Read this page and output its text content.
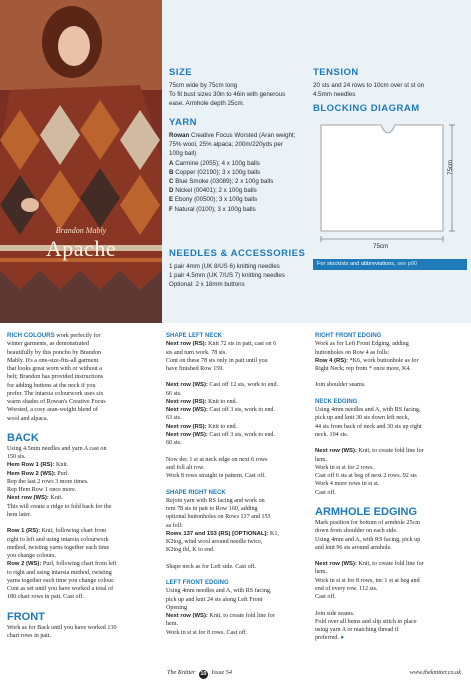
Brandon Mably
Apache
SIZE
75cm wide by 75cm long
To fit bust sizes 30in to 46in with generous
ease. Armhole depth 25cm.
YARN
Rowan Creative Focus Worsted (Aran weight;
75% wool, 25% alpaca; 200m/220yds per
100g ball)
A Carmine (2055); 4 x 100g balls
B Copper (02190); 3 x 100g balls
C Blue Smoke (03089); 2 x 100g balls
D Nickel (00401); 2 x 100g balls
E Ebony (00500); 3 x 100g balls
F Natural (0100); 3 x 100g balls
NEEDLES & ACCESSORIES
1 pair 4mm (UK 8/US 6) knitting needles
1 pair 4.5mm (UK 7/US 7) knitting needles
Optional: 2 x 18mm buttons
TENSION
20 sts and 24 rows to 10cm over st st on
4.5mm needles
BLOCKING DIAGRAM
75cm
75cm
For stockists and abbreviations, see p90

RICH COLOURS work perfectly for
winter garments, as demonstrated
beautifully by this poncho by Brandon
Mably. It's a one-size-fits-all garment
that looks great worn with or without a
belt; Brandon has provided instructions
for adding buttons at the neck if you
prefer. The intarsia colourwork uses six
warm shades of Rowan's Creative Focus
Worsted, a cosy aran-weight blend of
wool and alpaca.

BACK
Using 4.5mm needles and yarn A cast on
150 sts.

Hem Row 1 (RS): Knit.
Hem Row 2 (WS): Purl.
Rep the last 2 rows 3 more times.
Rep Hem Row 1 once more.
Next row (WS): Knit.
This will create a ridge to fold back for the
hem later.

Row 1 (RS): Knit, following chart from
right to left and using intarsia colourwork
method, twisting yarns together each time
you change colours.
Row 2 (WS): Purl, following chart from left
to right and using intarsia method, twisting
yarns together each time you change colour.
Cont as set until you have worked a total of
180 chart rows in patt. Cast off.

FRONT
Work as for Back until you have worked 130
chart rows in patt.
SHAPE LEFT NECK

Next row (RS): Knit 72 sts in patt, cast on 6
sts and turn work. 78 sts.
Cont on these 78 sts only in patt until you
have finished Row 159.

Next row (WS): Cast off 12 sts, work to end.
66 sts.
Next row (RS): Knit to end.
Next row (WS): Cast off 3 sts, work to end.
63 sts.
Next row (RS): Knit to end.
Next row (WS): Cast off 3 sts, work to end.
60 sts.

Now dec 1 st at neck edge on next 6 rows
and foll alt row.
Work 8 rows straight in pattern. Cast off.

SHAPE RIGHT NECK

Rejoin yarn with RS facing and work on
rem 78 sts in patt to Row 160, adding
optional buttonholes on Rows 137 and 153
as foll:
Rows 137 and 153 (RS) [OPTIONAL]: K1,
K2tog, wind wool around needle twice,
K2tog tbl, K to end.

Shape neck as for Left side. Cast off.

LEFT FRONT EDGING
Using 4mm needles and A, with RS facing,
pick up and knit 24 sts along Left Front
Opening
Next row (WS): Knit, to create fold line for
hem.
Work in st st for 8 rows. Cast off.
RIGHT FRONT EDGING

Work as for Left Front Edging, adding
buttonholes on Row 4 as folls:
Row 4 (RS): *K6, work buttonhole as for
Right Neck; rep from * once more, K4.

Join shoulder seams.

NECK EDGING

Using 4mm needles and A, with RS facing,
pick up and knit 30 sts down left neck,
44 sts from back of neck and 30 sts up right
neck. 104 sts.

Next row (WS): Knit, to create fold line for
hem.
Work in st st for 2 rows.
Cast off 6 sts at beg of next 2 rows. 92 sts
Work 4 more rows in st st.
Cast off.

ARMHOLE EDGING

Mark position for bottom of armhole 25cm
down from shoulder on each side.
Using 4mm and A, with RS facing, pick up
and knit 96 sts around armhole.

Next row (WS): Knit, to create fold line for
hem.
Work in st st for 8 rows, inc 1 st at beg and
end of every row. 112 sts.
Cast off.

Join side seams.
Fold over all hems and slip stitch in place
using yarn A or matching thread if
preferred. ●
The Knitter 10 Issue 54	www.theknitter.co.uk
